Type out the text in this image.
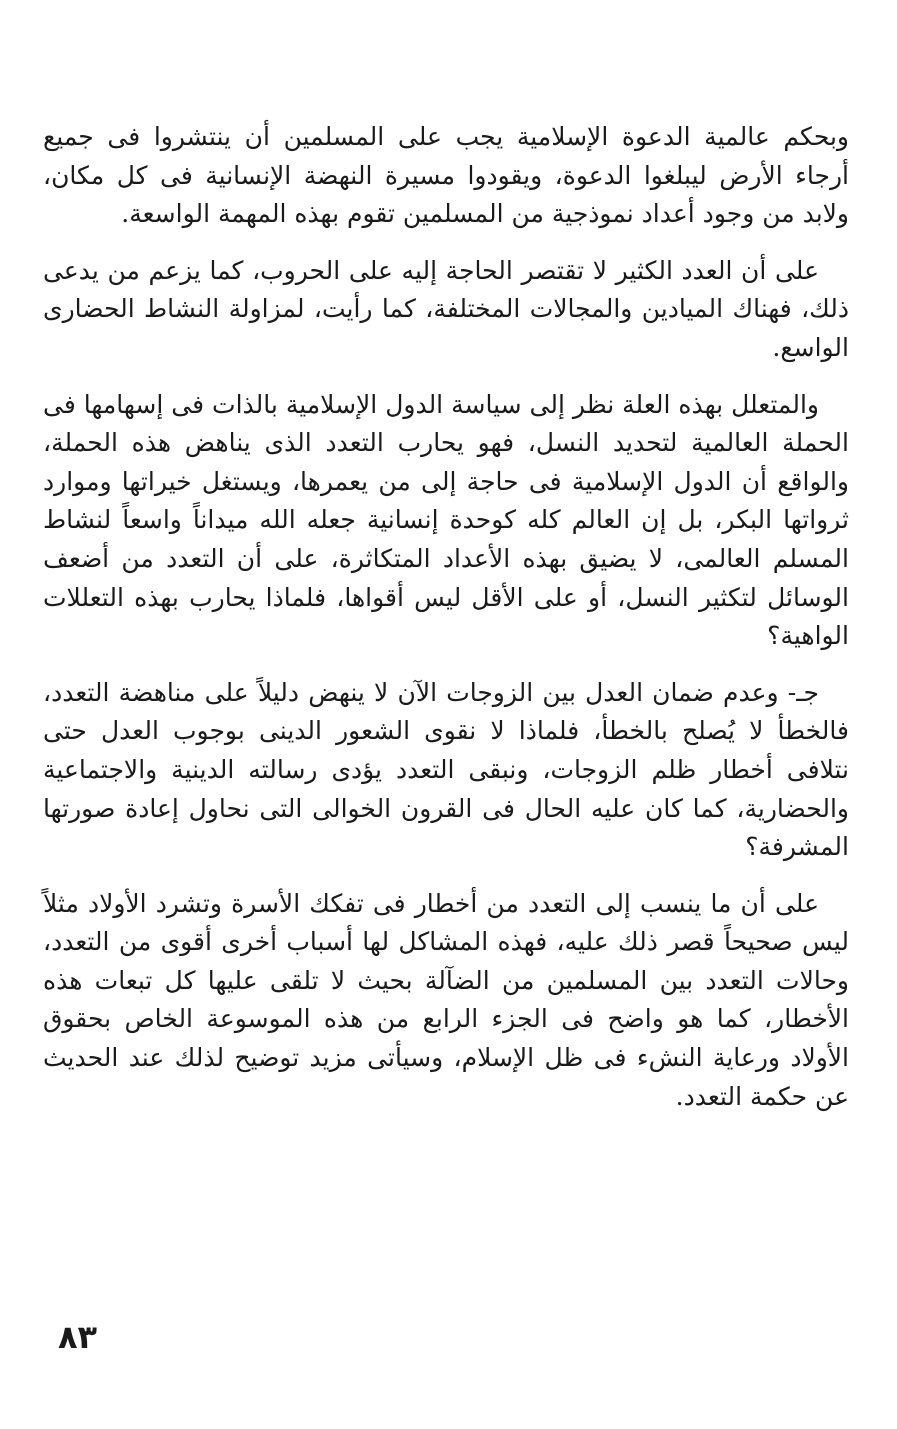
وبحكم عالمية الدعوة الإسلامية يجب على المسلمين أن ينتشروا فى جميع أرجاء الأرض ليبلغوا الدعوة، ويقودوا مسيرة النهضة الإنسانية فى كل مكان، ولابد من وجود أعداد نموذجية من المسلمين تقوم بهذه المهمة الواسعة.

على أن العدد الكثير لا تقتصر الحاجة إليه على الحروب، كما يزعم من يدعى ذلك، فهناك الميادين والمجالات المختلفة، كما رأيت، لمزاولة النشاط الحضارى الواسع.

والمتعلل بهذه العلة نظر إلى سياسة الدول الإسلامية بالذات فى إسهامها فى الحملة العالمية لتحديد النسل، فهو يحارب التعدد الذى يناهض هذه الحملة، والواقع أن الدول الإسلامية فى حاجة إلى من يعمرها، ويستغل خيراتها وموارد ثرواتها البكر، بل إن العالم كله كوحدة إنسانية جعله الله ميداناً واسعاً لنشاط المسلم العالمى، لا يضيق بهذه الأعداد المتكاثرة، على أن التعدد من أضعف الوسائل لتكثير النسل، أو على الأقل ليس أقواها، فلماذا يحارب بهذه التعللات الواهية؟

جـ- وعدم ضمان العدل بين الزوجات الآن لا ينهض دليلاً على مناهضة التعدد، فالخطأ لا يُصلح بالخطأ، فلماذا لا نقوى الشعور الدينى بوجوب العدل حتى نتلافى أخطار ظلم الزوجات، ونبقى التعدد يؤدى رسالته الدينية والاجتماعية والحضارية، كما كان عليه الحال فى القرون الخوالى التى نحاول إعادة صورتها المشرفة؟

على أن ما ينسب إلى التعدد من أخطار فى تفكك الأسرة وتشرد الأولاد مثلاً ليس صحيحاً قصر ذلك عليه، فهذه المشاكل لها أسباب أخرى أقوى من التعدد، وحالات التعدد بين المسلمين من الضآلة بحيث لا تلقى عليها كل تبعات هذه الأخطار، كما هو واضح فى الجزء الرابع من هذه الموسوعة الخاص بحقوق الأولاد ورعاية النشء فى ظل الإسلام، وسيأتى مزيد توضيح لذلك عند الحديث عن حكمة التعدد.

٨٣
